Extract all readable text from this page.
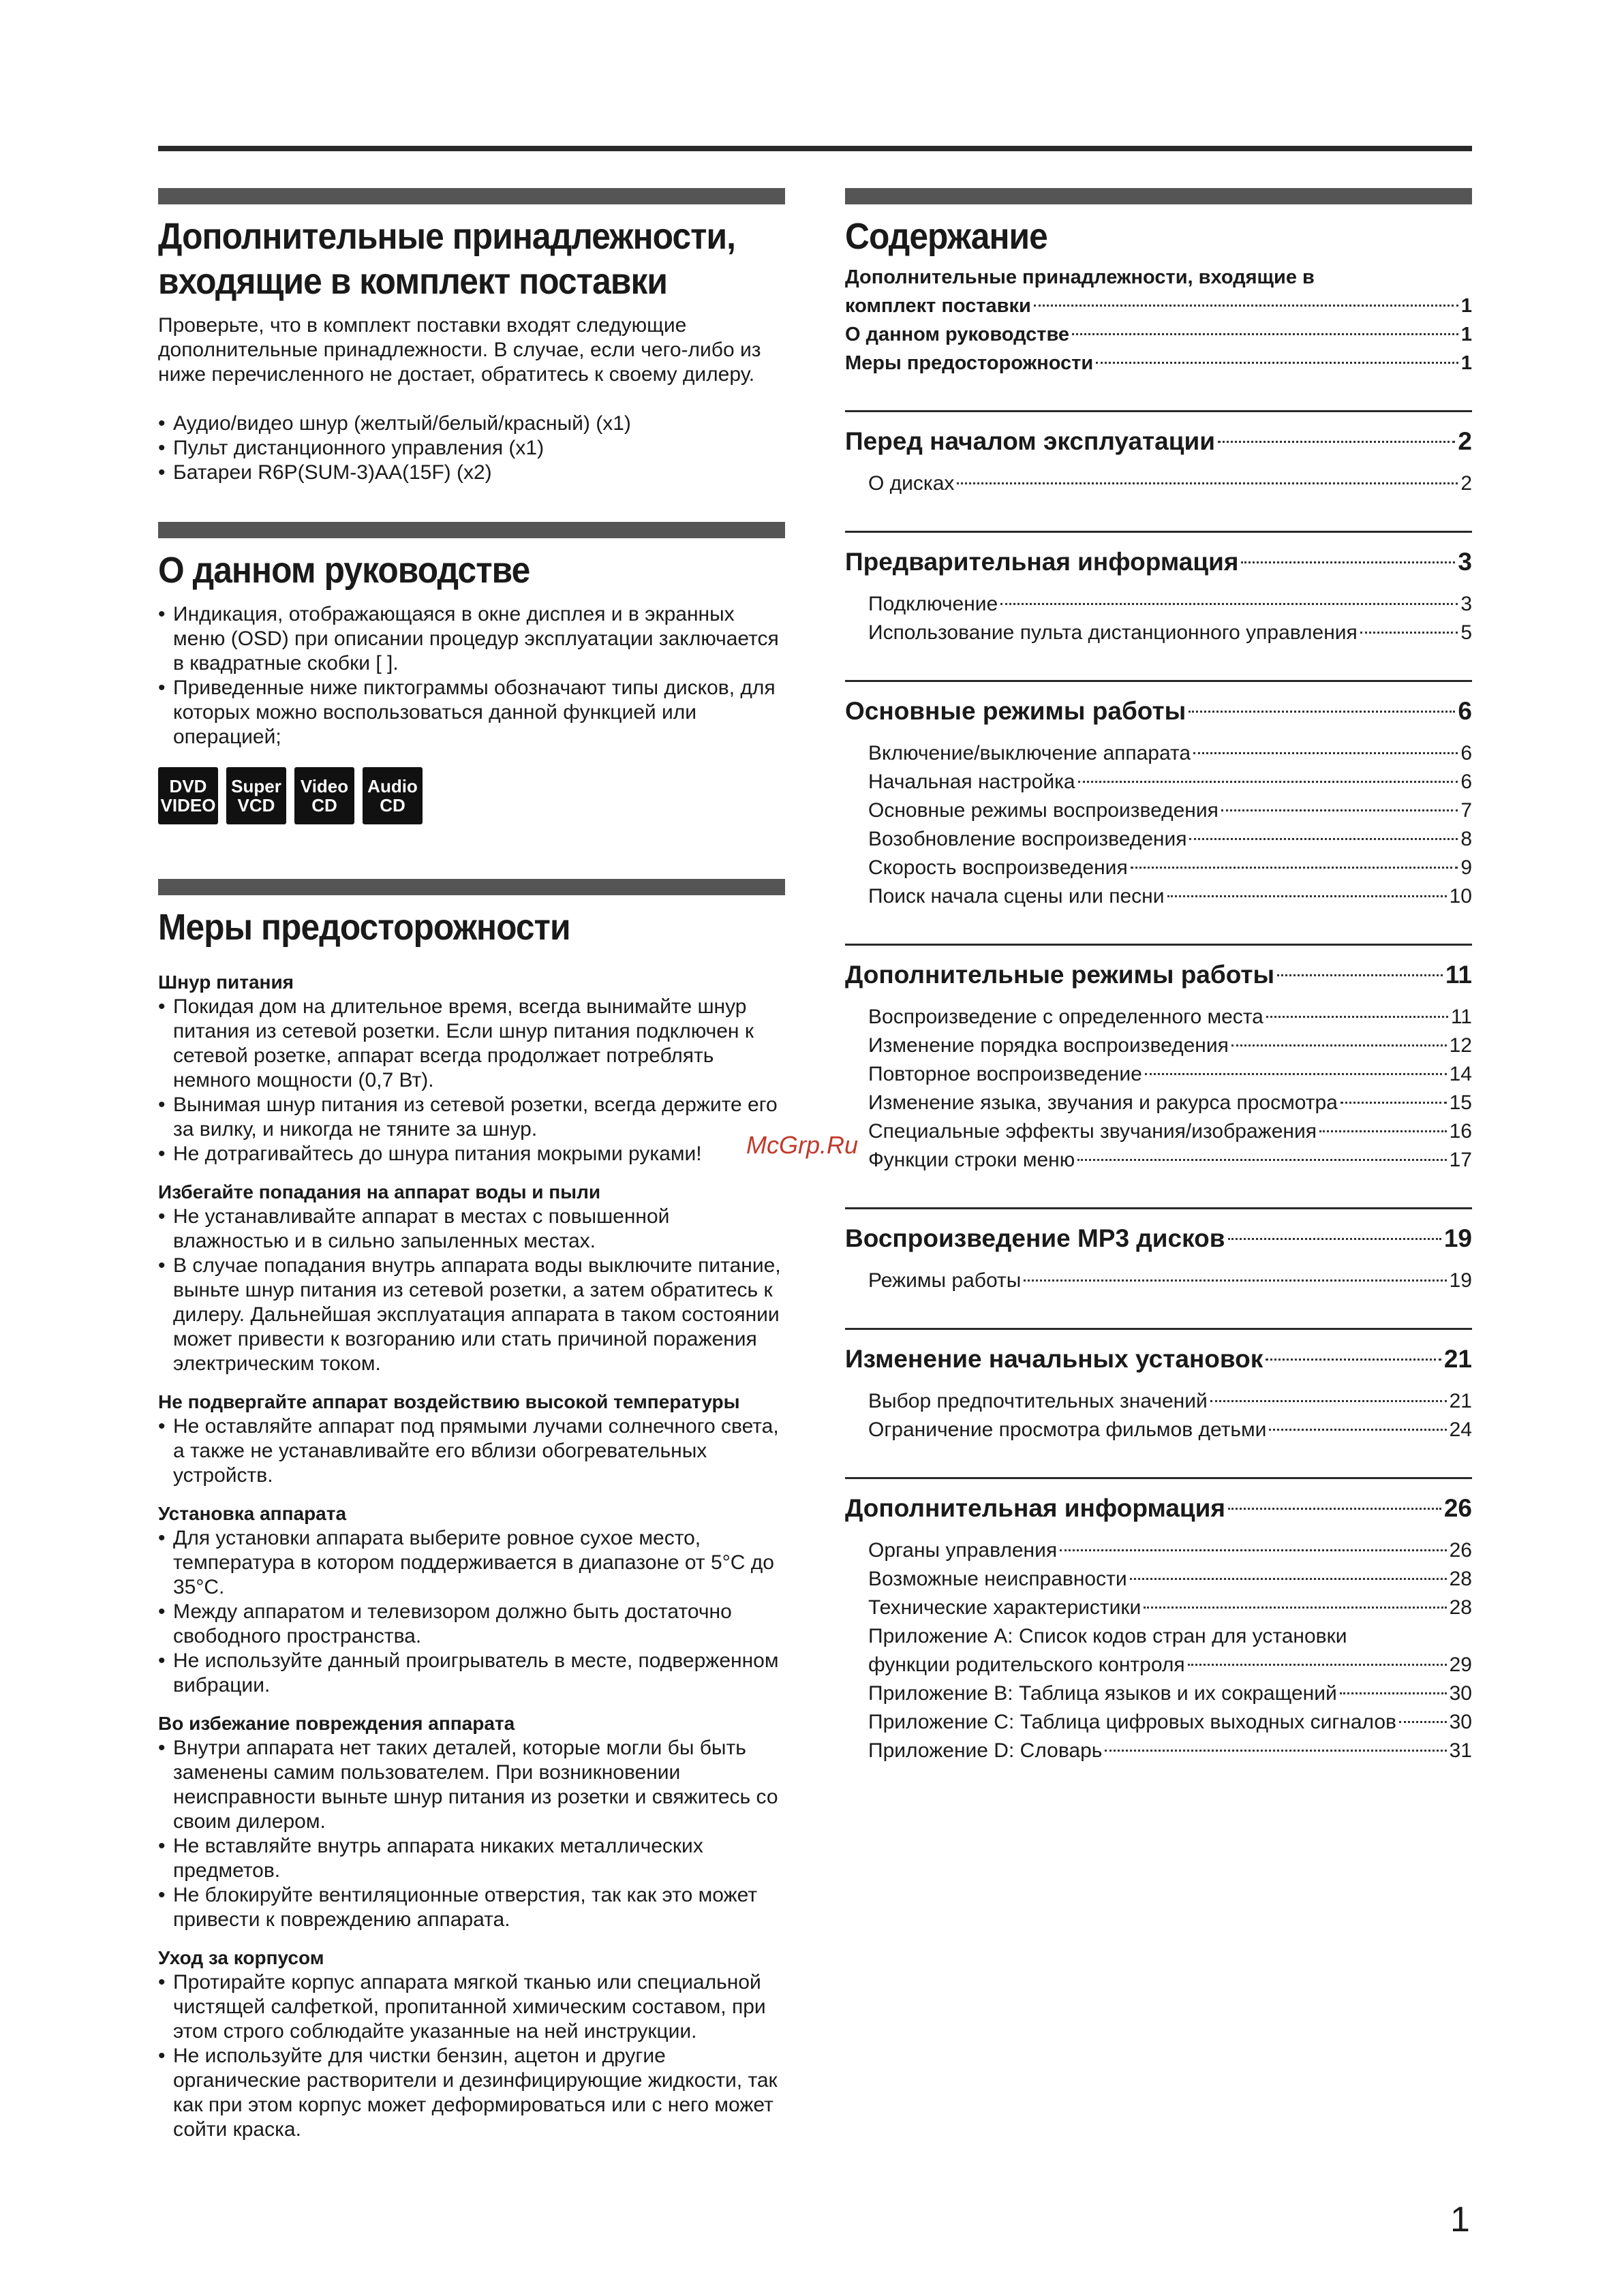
Дополнительные принадлежности,
входящие в комплект поставки

Проверьте, что в комплект поставки входят следующие дополнительные принадлежности. В случае, если чего-либо из ниже перечисленного не достает, обратитесь к своему дилеру.

• Аудио/видео шнур (желтый/белый/красный) (x1)
• Пульт дистанционного управления (x1)
• Батареи R6P(SUM-3)AA(15F) (x2)
О данном руководстве
• Индикация, отображающаяся в окне дисплея и в экранных меню (OSD) при описании процедур эксплуатации заключается в квадратные скобки [ ].
• Приведенные ниже пиктограммы обозначают типы дисков, для которых можно воспользоваться данной функцией или операцией;
DVD
VIDEO
Super
VCD
Video
CD
Audio
CD
Меры предосторожности
Шнур питания
• Покидая дом на длительное время, всегда вынимайте шнур питания из сетевой розетки. Если шнур питания подключен к сетевой розетке, аппарат всегда продолжает потреблять немного мощности (0,7 Вт).
• Вынимая шнур питания из сетевой розетки, всегда держите его за вилку, и никогда не тяните за шнур.
• Не дотрагивайтесь до шнура питания мокрыми руками!
Избегайте попадания на аппарат воды и пыли
• Не устанавливайте аппарат в местах с повышенной влажностью и в сильно запыленных местах.
• В случае попадания внутрь аппарата воды выключите питание, выньте шнур питания из сетевой розетки, а затем обратитесь к дилеру. Дальнейшая эксплуатация аппарата в таком состоянии может привести к возгоранию или стать причиной поражения электрическим током.
Не подвергайте аппарат воздействию высокой температуры
• Не оставляйте аппарат под прямыми лучами солнечного света, а также не устанавливайте его вблизи обогревательных устройств.
Установка аппарата
• Для установки аппарата выберите ровное сухое место, температура в котором поддерживается в диапазоне от 5°C до 35°C.
• Между аппаратом и телевизором должно быть достаточно свободного пространства.
• Не используйте данный проигрыватель в месте, подверженном вибрации.
Во избежание повреждения аппарата
• Внутри аппарата нет таких деталей, которые могли бы быть заменены самим пользователем. При возникновении неисправности выньте шнур питания из розетки и свяжитесь со своим дилером.
• Не вставляйте внутрь аппарата никаких металлических предметов.
• Не блокируйте вентиляционные отверстия, так как это может привести к повреждению аппарата.
Уход за корпусом
• Протирайте корпус аппарата мягкой тканью или специальной чистящей салфеткой, пропитанной химическим составом, при этом строго соблюдайте указанные на ней инструкции.
• Не используйте для чистки бензин, ацетон и другие органические растворители и дезинфицирующие жидкости, так как при этом корпус может деформироваться или с него может сойти краска.
Содержание
Дополнительные принадлежности, входящие в
комплект поставки	1
О данном руководстве	1
Меры предосторожности	1
Перед началом эксплуатации	2
О дисках	2
Предварительная информация	3
Подключение	3
Использование пульта дистанционного управления	5
Основные режимы работы	6
Включение/выключение аппарата	6
Начальная настройка	6
Основные режимы воспроизведения	7
Возобновление воспроизведения	8
Скорость воспроизведения	9
Поиск начала сцены или песни	10
Дополнительные режимы работы	11
Воспроизведение с определенного места	11
Изменение порядка воспроизведения	12
Повторное воспроизведение	14
Изменение языка, звучания и ракурса просмотра	15
Специальные эффекты звучания/изображения	16
Функции строки меню	17
Воспроизведение MP3 дисков	19
Режимы работы	19
Изменение начальных установок	21
Выбор предпочтительных значений	21
Ограничение просмотра фильмов детьми	24
Дополнительная информация	26
Органы управления	26
Возможные неисправности	28
Технические характеристики	28
Приложение A: Список кодов стран для установки
функции родительского контроля	29
Приложение B: Таблица языков и их сокращений	30
Приложение C: Таблица цифровых выходных сигналов	30
Приложение D: Словарь	31
McGrp.Ru
1
